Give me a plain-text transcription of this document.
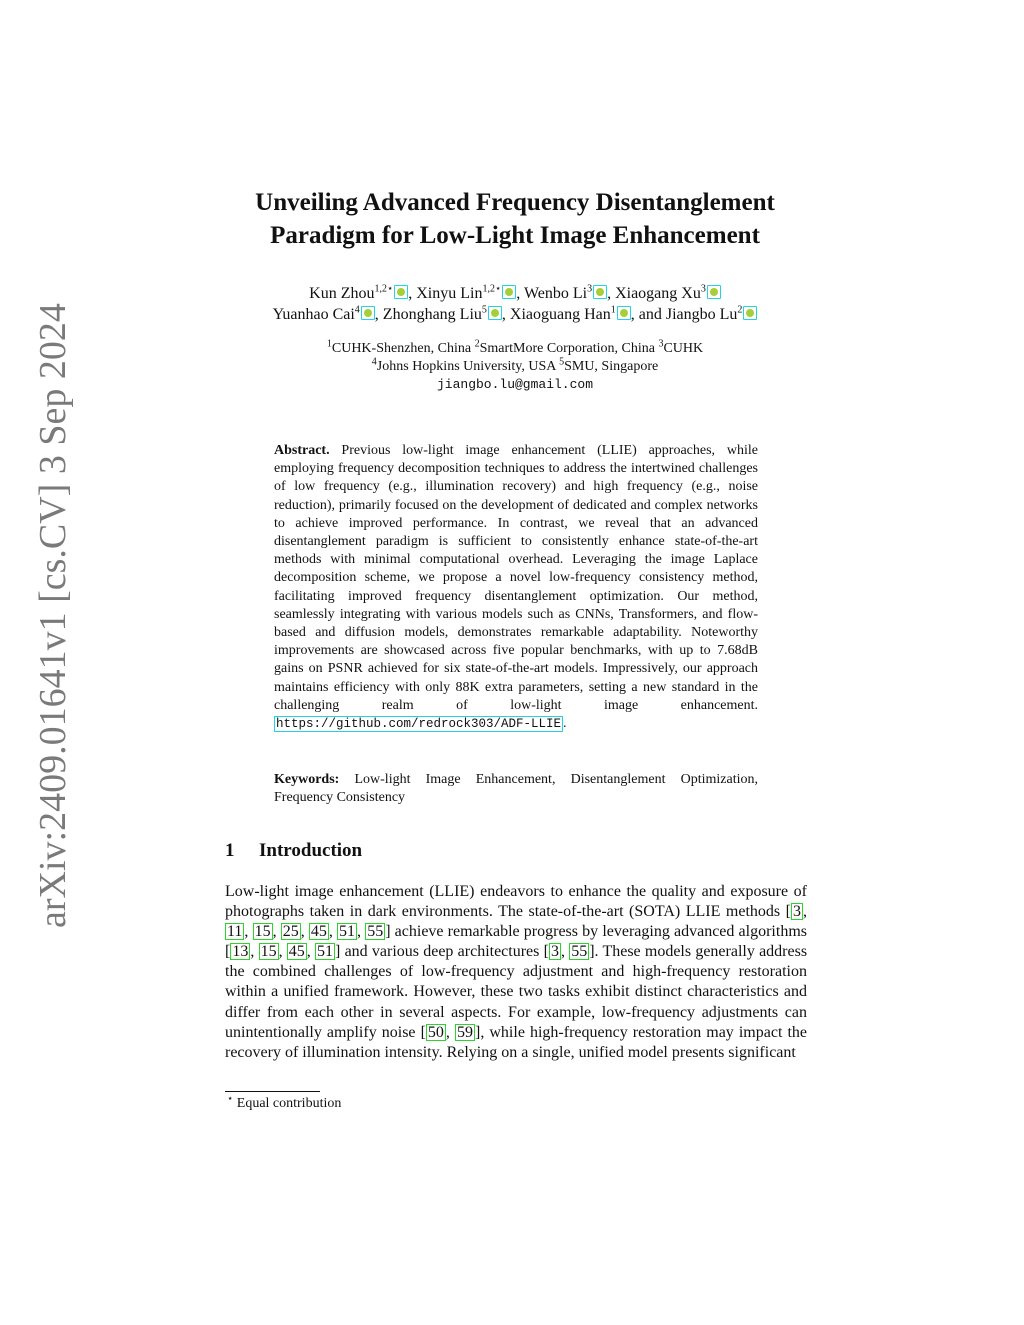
arXiv:2409.01641v1 [cs.CV] 3 Sep 2024
Unveiling Advanced Frequency Disentanglement
Paradigm for Low-Light Image Enhancement
Kun Zhou$^{1,2⋆}$ , Xinyu Lin$^{1,2⋆}$ , Wenbo Li$^3$ , Xiaogang Xu$^3$
Yuanhao Cai$^4$ , Zhonghang Liu$^5$ , Xiaoguang Han$^1$ , and Jiangbo Lu$^2$
$^1$CUHK-Shenzhen, China $^2$SmartMore Corporation, China $^3$CUHK
$^4$Johns Hopkins University, USA $^5$SMU, Singapore
jiangbo.lu@gmail.com
Abstract. Previous low-light image enhancement (LLIE) approaches, while employing frequency decomposition techniques to address the intertwined challenges of low frequency (e.g., illumination recovery) and high frequency (e.g., noise reduction), primarily focused on the development of dedicated and complex networks to achieve improved performance. In contrast, we reveal that an advanced disentanglement paradigm is sufficient to consistently enhance state-of-the-art methods with minimal computational overhead. Leveraging the image Laplace decomposition scheme, we propose a novel low-frequency consistency method, facilitating improved frequency disentanglement optimization. Our method, seamlessly integrating with various models such as CNNs, Transformers, and flow-based and diffusion models, demonstrates remarkable adaptability. Noteworthy improvements are showcased across five popular benchmarks, with up to 7.68dB gains on PSNR achieved for six state-of-the-art models. Impressively, our approach maintains efficiency with only 88K extra parameters, setting a new standard in the challenging realm of low-light image enhancement. https://github.com/redrock303/ADF-LLIE .
Keywords: Low-light Image Enhancement, Disentanglement Optimization, Frequency Consistency
1 Introduction
Low-light image enhancement (LLIE) endeavors to enhance the quality and exposure of photographs taken in dark environments. The state-of-the-art (SOTA) LLIE methods [ 3 , 11 , 15 , 25 , 45 , 51 , 55 ] achieve remarkable progress by leveraging advanced algorithms [ 13 , 15 , 45 , 51 ] and various deep architectures [ 3 , 55 ]. These models generally address the combined challenges of low-frequency adjustment and high-frequency restoration within a unified framework. However, these two tasks exhibit distinct characteristics and differ from each other in several aspects. For example, low-frequency adjustments can unintentionally amplify noise [ 50 , 59 ], while high-frequency restoration may impact the recovery of illumination intensity. Relying on a single, unified model presents significant
⋆ Equal contribution
